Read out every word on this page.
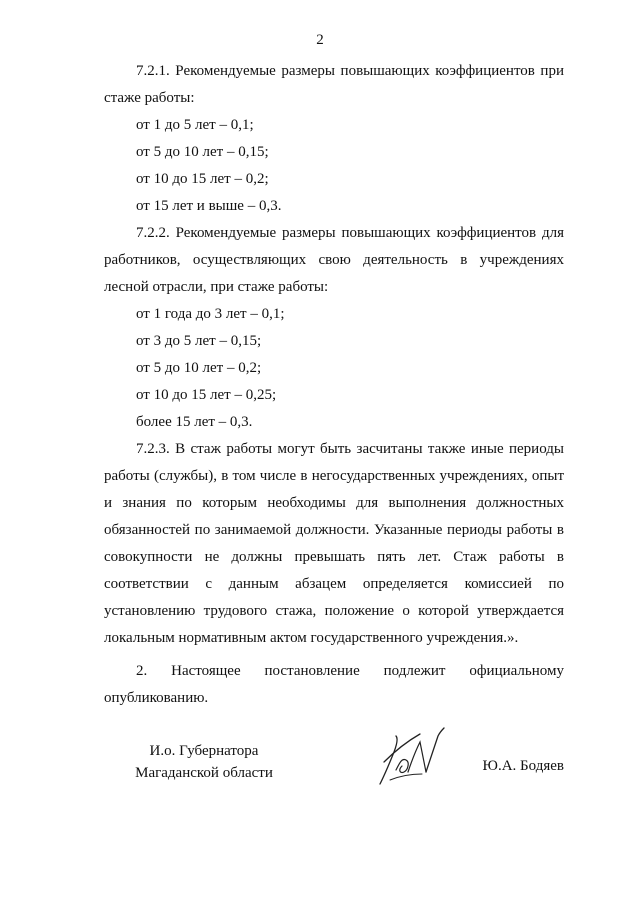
2

7.2.1. Рекомендуемые размеры повышающих коэффициентов при стаже работы:

от 1 до 5 лет – 0,1;

от 5 до 10 лет – 0,15;

от 10 до 15 лет – 0,2;

от 15 лет и выше – 0,3.

7.2.2. Рекомендуемые размеры повышающих коэффициентов для работников, осуществляющих свою деятельность в учреждениях лесной отрасли, при стаже работы:

от 1 года до 3 лет – 0,1;

от 3 до 5 лет – 0,15;

от 5 до 10 лет – 0,2;

от 10 до 15 лет – 0,25;

более 15 лет – 0,3.

7.2.3. В стаж работы могут быть засчитаны также иные периоды работы (службы), в том числе в негосударственных учреждениях, опыт и знания по которым необходимы для выполнения должностных обязанностей по занимаемой должности. Указанные периоды работы в совокупности не должны превышать пять лет. Стаж работы в соответствии с данным абзацем определяется комиссией по установлению трудового стажа, положение о которой утверждается локальным нормативным актом государственного учреждения.».

2. Настоящее постановление подлежит официальному опубликованию.

И.о. Губернатора
Магаданской области	Ю.А. Бодяев
